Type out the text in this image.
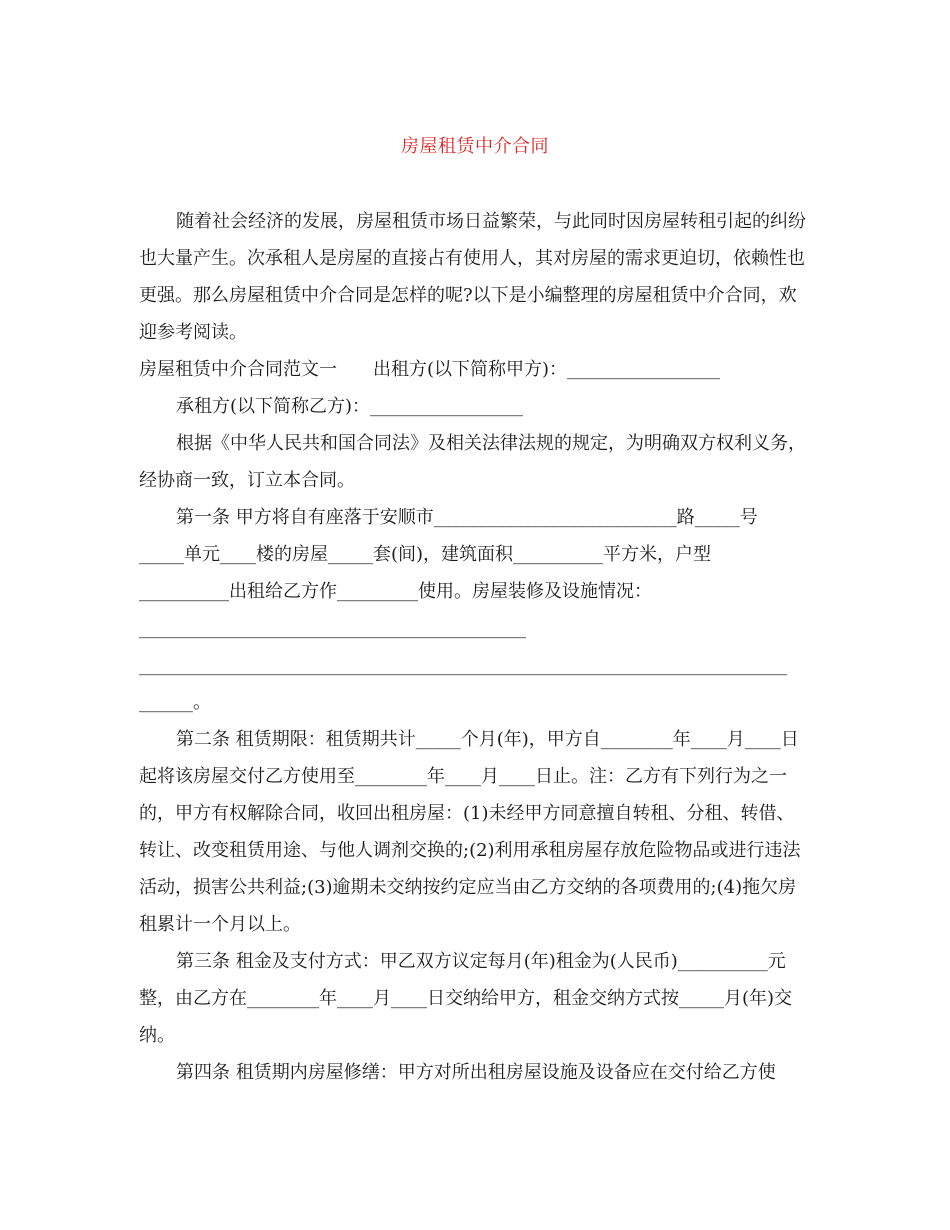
房屋租赁中介合同

随着社会经济的发展，房屋租赁市场日益繁荣，与此同时因房屋转租引起的纠纷也大量产生。次承租人是房屋的直接占有使用人，其对房屋的需求更迫切，依赖性也更强。那么房屋租赁中介合同是怎样的呢?以下是小编整理的房屋租赁中介合同，欢迎参考阅读。

房屋租赁中介合同范文一　　出租方(以下简称甲方)：_________________

承租方(以下简称乙方)：_________________

根据《中华人民共和国合同法》及相关法律法规的规定，为明确双方权利义务，经协商一致，订立本合同。

第一条 甲方将自有座落于安顺市___________________________路_____号

_____单元____楼的房屋_____套(间)，建筑面积__________平方米，户型

__________出租给乙方作_________使用。房屋装修及设施情况：

___________________________________________

________________________________________________________________________

______。

第二条 租赁期限：租赁期共计_____个月(年)，甲方自________年____月____日起将该房屋交付乙方使用至________年____月____日止。注：乙方有下列行为之一的，甲方有权解除合同，收回出租房屋：(1)未经甲方同意擅自转租、分租、转借、转让、改变租赁用途、与他人调剂交换的;(2)利用承租房屋存放危险物品或进行违法活动，损害公共利益;(3)逾期未交纳按约定应当由乙方交纳的各项费用的;(4)拖欠房租累计一个月以上。

第三条 租金及支付方式：甲乙双方议定每月(年)租金为(人民币)__________元整，由乙方在________年____月____日交纳给甲方，租金交纳方式按_____月(年)交纳。

第四条 租赁期内房屋修缮：甲方对所出租房屋设施及设备应在交付给乙方使
